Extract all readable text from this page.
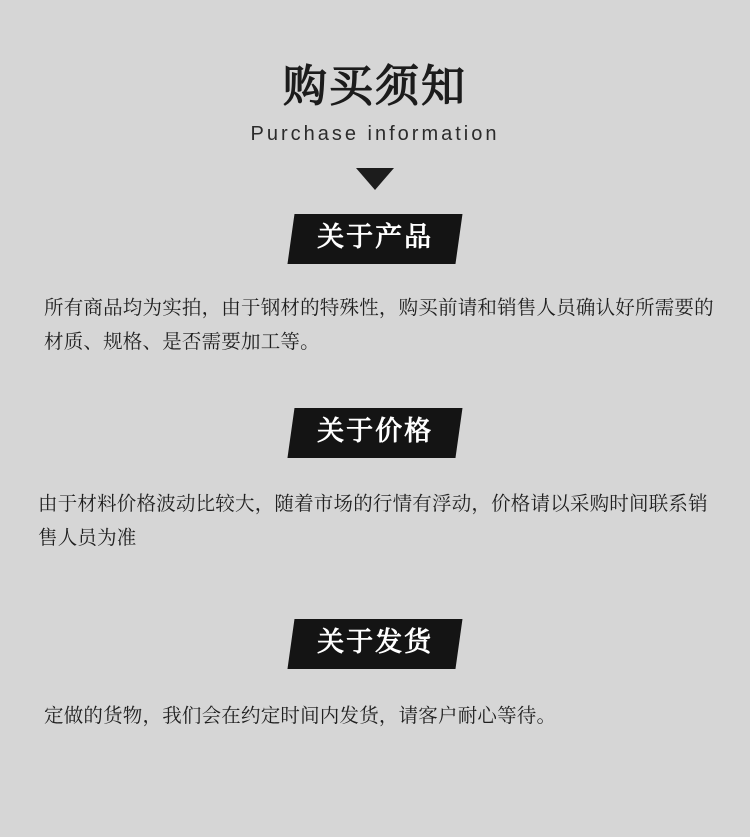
购买须知

Purchase information

关于产品

所有商品均为实拍，由于钢材的特殊性，购买前请和销售人员确认好所需要的材质、规格、是否需要加工等。

关于价格

由于材料价格波动比较大，随着市场的行情有浮动，价格请以采购时间联系销售人员为准

关于发货

定做的货物，我们会在约定时间内发货，请客户耐心等待。
